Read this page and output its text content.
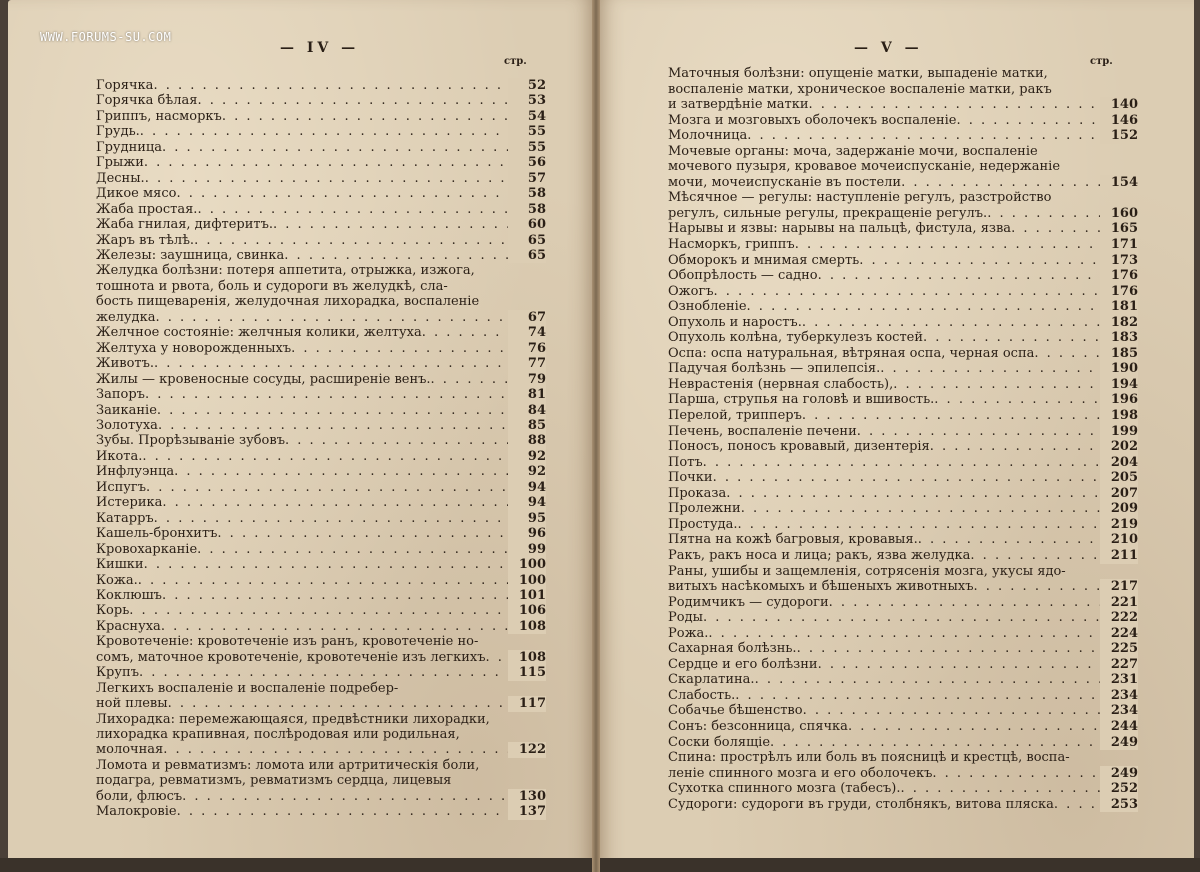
WWW.FORUMS-SU.COM
— IV —
стр.
Горячка . . .	52
Горячка бѣлая . . .	53
Гриппъ, насморкъ . . .	54
Грудь. . . .	55
Грудница . . .	55
Грыжи . . .	56
Десны. . . .	57
Дикое мясо . . .	58
Жаба простая. . . .	58
Жаба гнилая, дифтеритъ. . . .	60
Жаръ въ тѣлѣ. . . .	65
Железы: заушница, свинка . . .	65
Желудка болѣзни: потеря аппетита, отрыжка, изжога,
тошнота и рвота, боль и судороги въ желудкѣ, сла-
бость пищеваренія, желудочная лихорадка, воспаленіе
желудка . . .	67
Желчное состояніе: желчныя колики, желтуха . . .	74
Желтуха у новорожденныхъ . . .	76
Животъ. . . .	77
Жилы — кровеносные сосуды, расширеніе венъ. . . .	79
Запоръ . . .	81
Заиканіе . . .	84
Золотуха . . .	85
Зубы. Прорѣзываніе зубовъ . . .	88
Икота. . . .	92
Инфлуэнца . . .	92
Испугъ . . .	94
Истерика . . .	94
Катарръ . . .	95
Кашель-бронхитъ . . .	96
Кровохарканіе . . .	99
Кишки . . .	100
Кожа. . . .	100
Коклюшъ . . .	101
Корь . . .	106
Краснуха . . .	108
Кровотеченіе: кровотеченіе изъ ранъ, кровотеченіе но-
сомъ, маточное кровотеченіе, кровотеченіе изъ легкихъ . . .	108
Крупъ . . .	115
Легкихъ воспаленіе и воспаленіе подребер-
ной плевы . . .	117
Лихорадка: перемежающаяся, предвѣстники лихорадки,
лихорадка крапивная, послѣродовая или родильная,
молочная . . .	122
Ломота и ревматизмъ: ломота или артритическія боли,
подагра, ревматизмъ, ревматизмъ сердца, лицевыя
боли, флюсъ . . .	130
Малокровіе . . .	137
— V —
стр.
Маточныя болѣзни: опущеніе матки, выпаденіе матки,
воспаленіе матки, хроническое воспаленіе матки, ракъ
и затвердѣніе матки . . .	140
Мозга и мозговыхъ оболочекъ воспаленіе . . .	146
Молочница . . .	152
Мочевые органы: моча, задержаніе мочи, воспаленіе
мочевого пузыря, кровавое мочеиспусканіе, недержаніе
мочи, мочеиспусканіе въ постели . . .	154
Мѣсячное — регулы: наступленіе регулъ, разстройство
регулъ, сильные регулы, прекращеніе регулъ. . . .	160
Нарывы и язвы: нарывы на пальцѣ, фистула, язва . . .	165
Насморкъ, гриппъ . . .	171
Обморокъ и мнимая смерть . . .	173
Обопрѣлость — садно . . .	176
Ожогъ . . .	176
Ознобленіе . . .	181
Опухоль и наростъ. . . .	182
Опухоль колѣна, туберкулезъ костей . . .	183
Оспа: оспа натуральная, вѣтряная оспа, черная оспа . . .	185
Падучая болѣзнь — эпилепсія. . . .	190
Неврастенія (нервная слабость), . . .	194
Парша, струпья на головѣ и вшивость. . . .	196
Перелой, трипперъ . . .	198
Печень, воспаленіе печени . . .	199
Поносъ, поносъ кровавый, дизентерія . . .	202
Потъ . . .	204
Почки . . .	205
Проказа . . .	207
Пролежни . . .	209
Простуда. . . .	219
Пятна на кожѣ багровыя, кровавыя. . . .	210
Ракъ, ракъ носа и лица; ракъ, язва желудка . . .	211
Раны, ушибы и защемленія, сотрясенія мозга, укусы ядо-
витыхъ насѣкомыхъ и бѣшеныхъ животныхъ . . .	217
Родимчикъ — судороги . . .	221
Роды . . .	222
Рожа. . . .	224
Сахарная болѣзнь. . . .	225
Сердце и его болѣзни . . .	227
Скарлатина. . . .	231
Слабость. . . .	234
Собачье бѣшенство . . .	234
Сонъ: безсонница, спячка . . .	244
Соски болящіе . . .	249
Спина: прострѣлъ или боль въ поясницѣ и крестцѣ, воспа-
леніе спинного мозга и его оболочекъ . . .	249
Сухотка спинного мозга (табесъ). . . .	252
Судороги: судороги въ груди, столбнякъ, витова пляска . . .	253
